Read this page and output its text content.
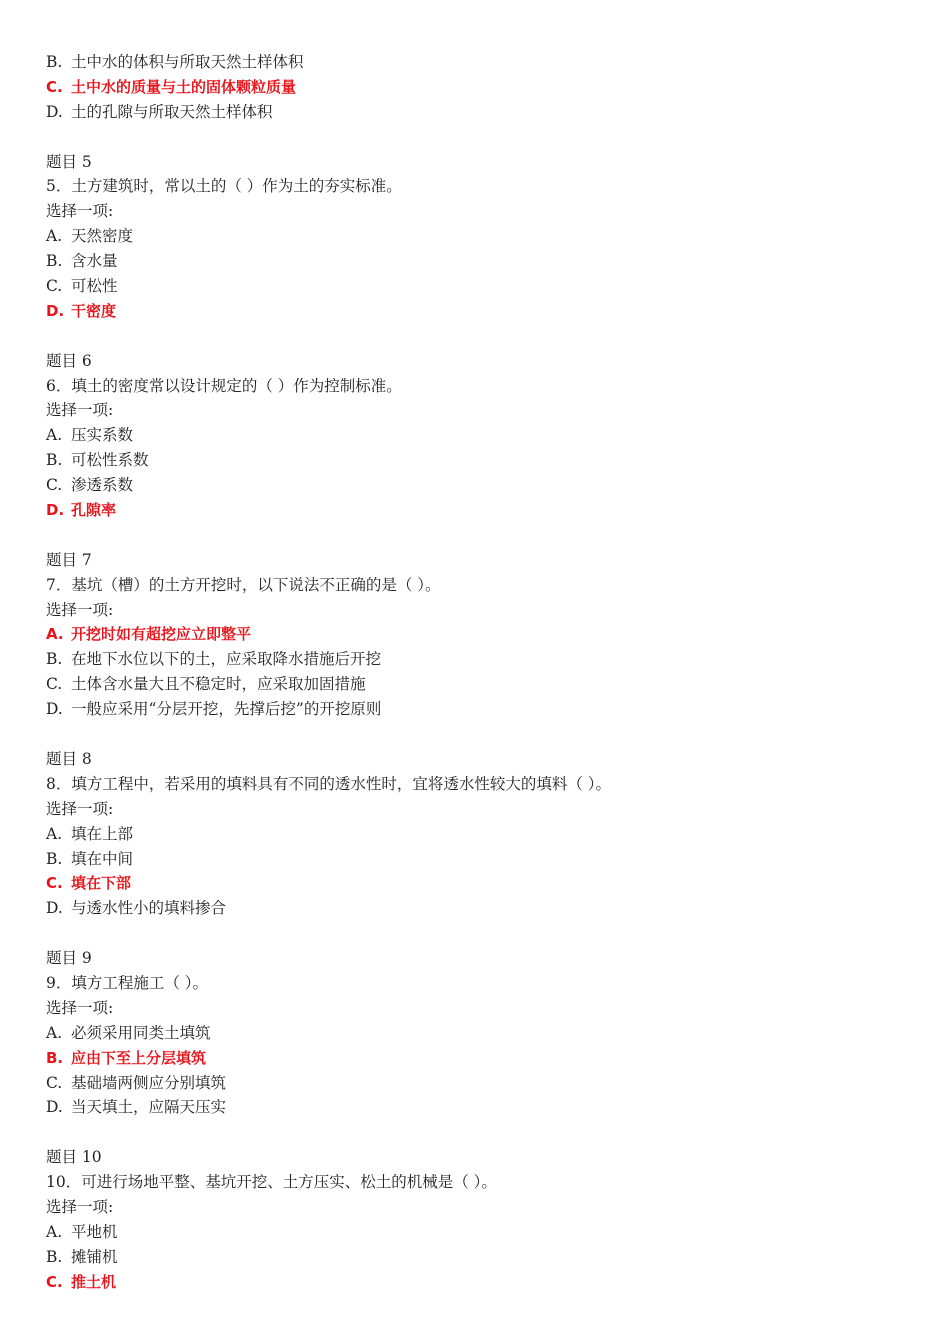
B. 土中水的体积与所取天然土样体积
C. 土中水的质量与土的固体颗粒质量
D. 土的孔隙与所取天然土样体积
题目 5
5．土方建筑时，常以土的（ ）作为土的夯实标准。
选择一项:
A. 天然密度
B. 含水量
C. 可松性
D. 干密度
题目 6
6．填土的密度常以设计规定的（ ）作为控制标准。
选择一项:
A. 压实系数
B. 可松性系数
C. 渗透系数
D. 孔隙率
题目 7
7．基坑（槽）的土方开挖时，以下说法不正确的是（ ）。
选择一项:
A. 开挖时如有超挖应立即整平
B. 在地下水位以下的土，应采取降水措施后开挖
C. 土体含水量大且不稳定时，应采取加固措施
D. 一般应采用“分层开挖，先撑后挖”的开挖原则
题目 8
8．填方工程中，若采用的填料具有不同的透水性时，宜将透水性较大的填料（ ）。
选择一项:
A. 填在上部
B. 填在中间
C. 填在下部
D. 与透水性小的填料掺合
题目 9
9．填方工程施工（ ）。
选择一项:
A. 必须采用同类土填筑
B. 应由下至上分层填筑
C. 基础墙两侧应分别填筑
D. 当天填土，应隔天压实
题目 10
10．可进行场地平整、基坑开挖、土方压实、松土的机械是（ ）。
选择一项:
A. 平地机
B. 摊铺机
C. 推土机
